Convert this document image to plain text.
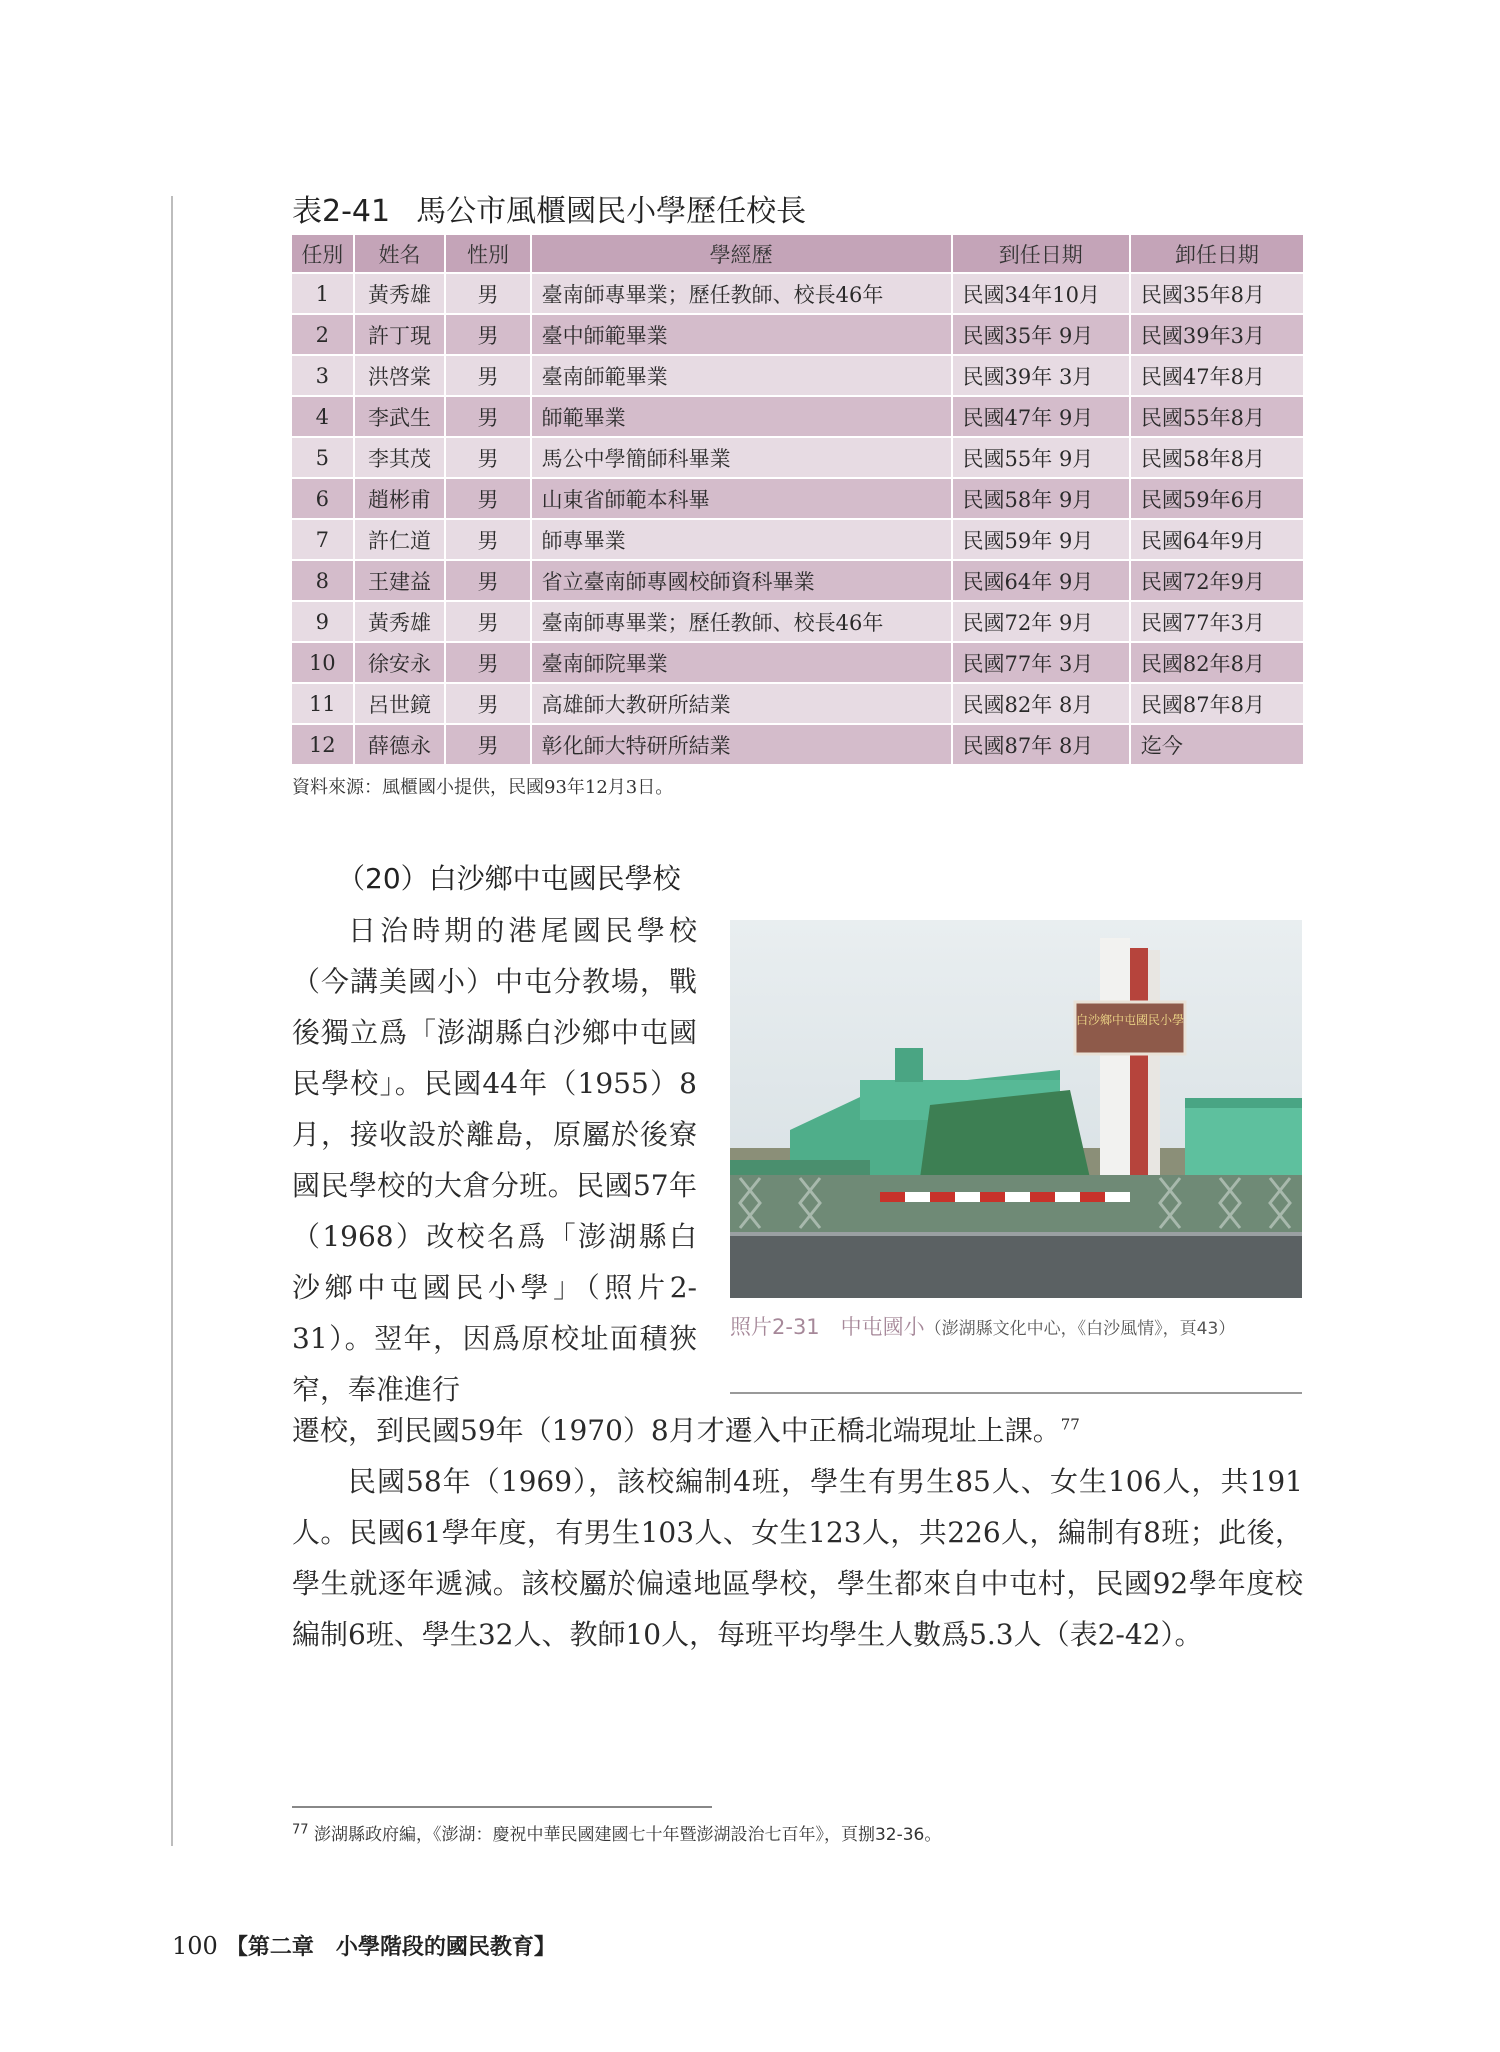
表2-41 馬公市風櫃國民小學歷任校長
任別	姓名	性別	學經歷	到任日期	卸任日期
1	黃秀雄	男	臺南師專畢業；歷任教師、校長46年	民國34年10月	民國35年8月
2	許丁現	男	臺中師範畢業	民國35年 9月	民國39年3月
3	洪啓棠	男	臺南師範畢業	民國39年 3月	民國47年8月
4	李武生	男	師範畢業	民國47年 9月	民國55年8月
5	李其茂	男	馬公中學簡師科畢業	民國55年 9月	民國58年8月
6	趙彬甫	男	山東省師範本科畢	民國58年 9月	民國59年6月
7	許仁道	男	師專畢業	民國59年 9月	民國64年9月
8	王建益	男	省立臺南師專國校師資科畢業	民國64年 9月	民國72年9月
9	黃秀雄	男	臺南師專畢業；歷任教師、校長46年	民國72年 9月	民國77年3月
10	徐安永	男	臺南師院畢業	民國77年 3月	民國82年8月
11	呂世鏡	男	高雄師大教研所結業	民國82年 8月	民國87年8月
12	薛德永	男	彰化師大特研所結業	民國87年 8月	迄今
資料來源：風櫃國小提供，民國93年12月3日。
（20）白沙鄉中屯國民學校

日治時期的港尾國民學校（今講美國小）中屯分教場，戰後獨立爲「澎湖縣白沙鄉中屯國民學校」。民國44年（1955）8月，接收設於離島，原屬於後寮國民學校的大倉分班。民國57年（1968）改校名爲「澎湖縣白沙鄉中屯國民小學」（照片2-31）。翌年，因爲原校址面積狹窄，奉准進行

白沙鄉中屯國民小學
照片2-31　中屯國小（澎湖縣文化中心，《白沙風情》，頁43）

遷校，到民國59年（1970）8月才遷入中正橋北端現址上課。$^{77}$

民國58年（1969），該校編制4班，學生有男生85人、女生106人，共191人。民國61學年度，有男生103人、女生123人，共226人，編制有8班；此後，學生就逐年遞減。該校屬於偏遠地區學校，學生都來自中屯村，民國92學年度校編制6班、學生32人、教師10人，每班平均學生人數爲5.3人（表2-42）。

$^{77}$ 澎湖縣政府編，《澎湖：慶祝中華民國建國七十年暨澎湖設治七百年》，頁捌32-36。
100 【第二章　小學階段的國民教育】
